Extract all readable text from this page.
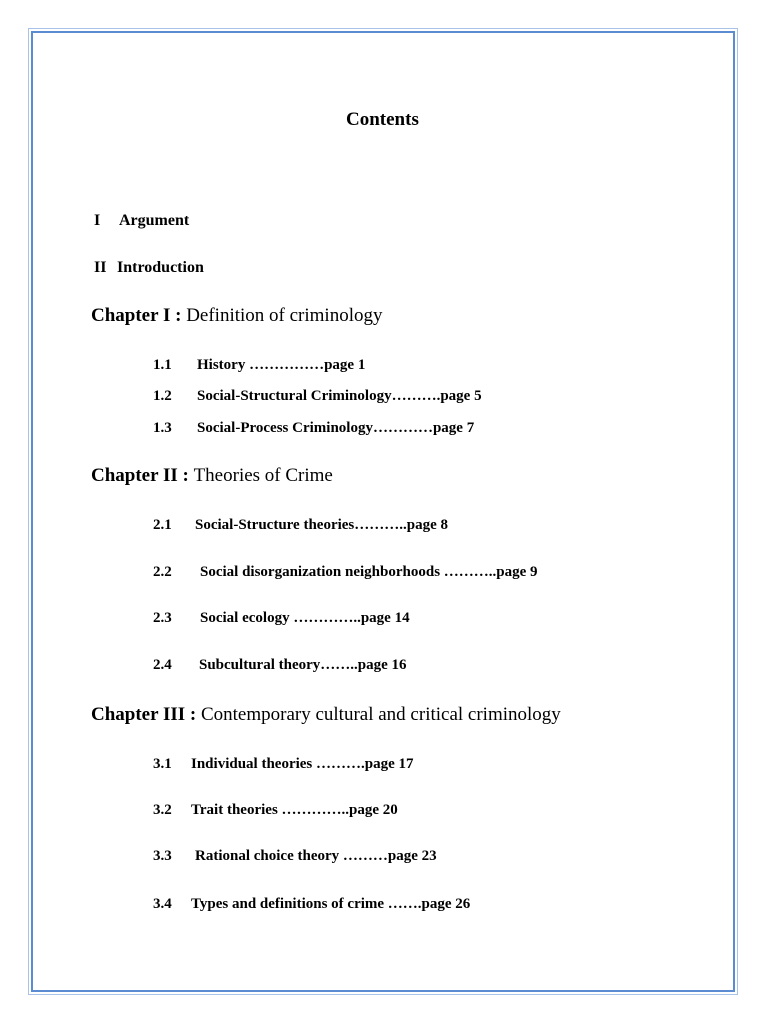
Contents
I Argument
II Introduction
Chapter I : Definition of criminology
1.1 History ……………page 1
1.2 Social-Structural Criminology……….page 5
1.3 Social-Process Criminology…………page 7
Chapter II : Theories of Crime
2.1 Social-Structure theories………..page 8
2.2 Social disorganization neighborhoods ………..page 9
2.3 Social ecology …………..page 14
2.4 Subcultural theory……..page 16
Chapter III : Contemporary cultural and critical criminology
3.1 Individual theories ……….page 17
3.2 Trait theories …………..page 20
3.3 Rational choice theory ………page 23
3.4 Types and definitions of crime …….page 26
